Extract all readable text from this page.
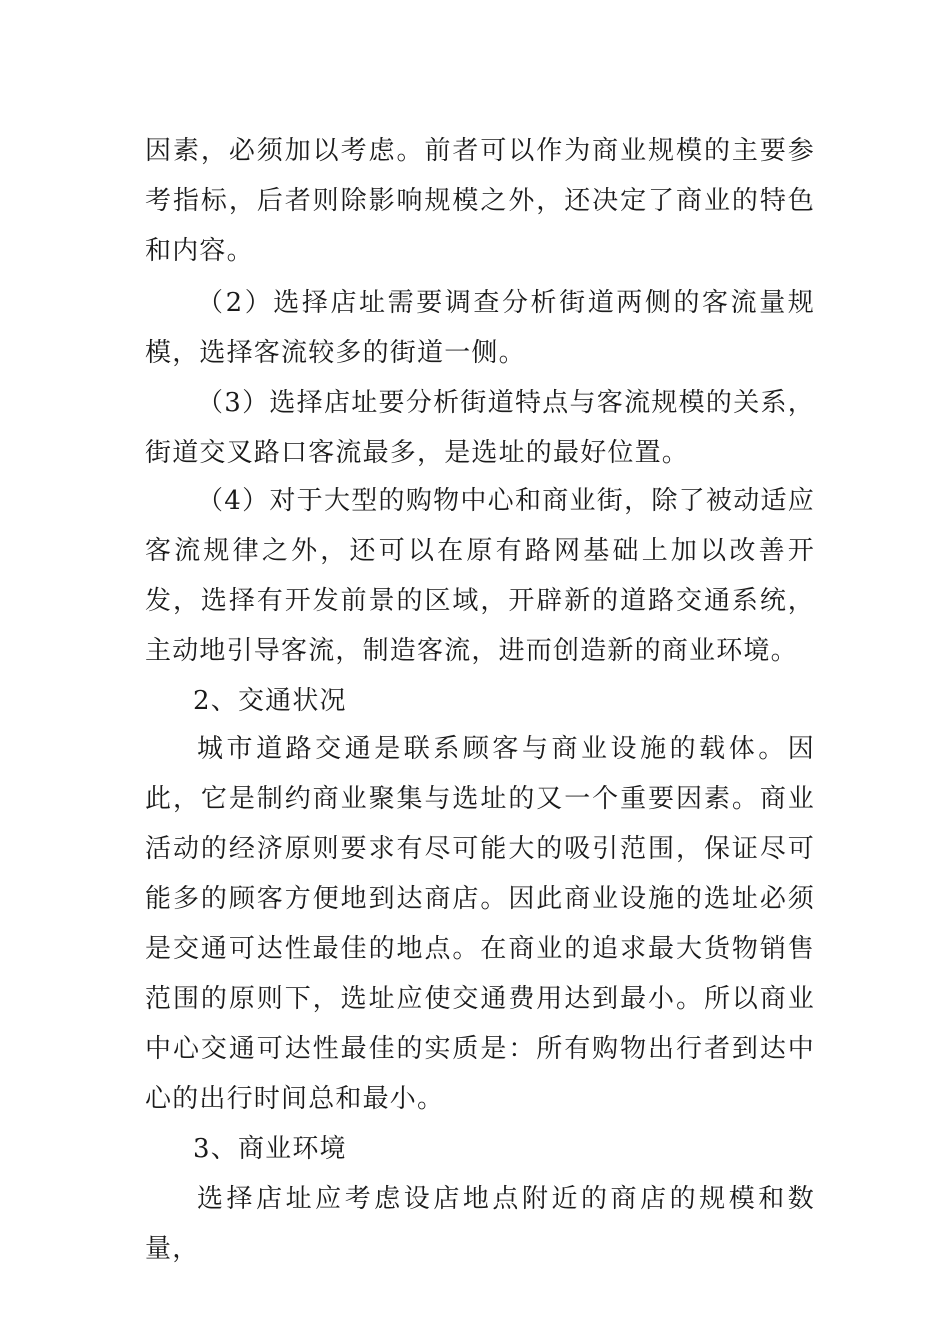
因素，必须加以考虑。前者可以作为商业规模的主要参考指标，后者则除影响规模之外，还决定了商业的特色和内容。

（2）选择店址需要调查分析街道两侧的客流量规模，选择客流较多的街道一侧。

（3）选择店址要分析街道特点与客流规模的关系，街道交叉路口客流最多，是选址的最好位置。

（4）对于大型的购物中心和商业街，除了被动适应客流规律之外，还可以在原有路网基础上加以改善开发，选择有开发前景的区域，开辟新的道路交通系统，主动地引导客流，制造客流，进而创造新的商业环境。

2、交通状况

城市道路交通是联系顾客与商业设施的载体。因此，它是制约商业聚集与选址的又一个重要因素。商业活动的经济原则要求有尽可能大的吸引范围，保证尽可能多的顾客方便地到达商店。因此商业设施的选址必须是交通可达性最佳的地点。在商业的追求最大货物销售范围的原则下，选址应使交通费用达到最小。所以商业中心交通可达性最佳的实质是：所有购物出行者到达中心的出行时间总和最小。

3、商业环境

选择店址应考虑设店地点附近的商店的规模和数量，
